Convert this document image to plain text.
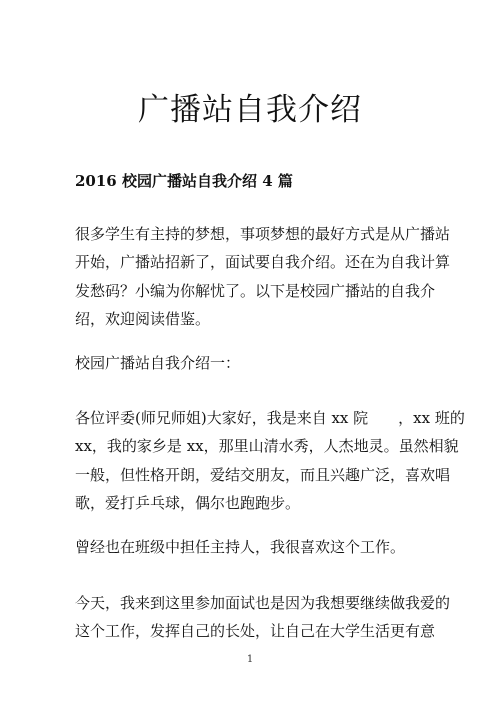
广播站自我介绍
2016 校园广播站自我介绍 4 篇

很多学生有主持的梦想，事项梦想的最好方式是从广播站
开始，广播站招新了，面试要自我介绍。还在为自我计算
发愁码？小编为你解忧了。以下是校园广播站的自我介
绍，欢迎阅读借鉴。

校园广播站自我介绍一：

各位评委(师兄师姐)大家好，我是来自 xx 院　　，xx 班的
xx，我的家乡是 xx，那里山清水秀，人杰地灵。虽然相貌
一般，但性格开朗，爱结交朋友，而且兴趣广泛，喜欢唱
歌，爱打乒乓球，偶尔也跑跑步。

曾经也在班级中担任主持人，我很喜欢这个工作。

今天，我来到这里参加面试也是因为我想要继续做我爱的
这个工作，发挥自己的长处，让自己在大学生活更有意

1
